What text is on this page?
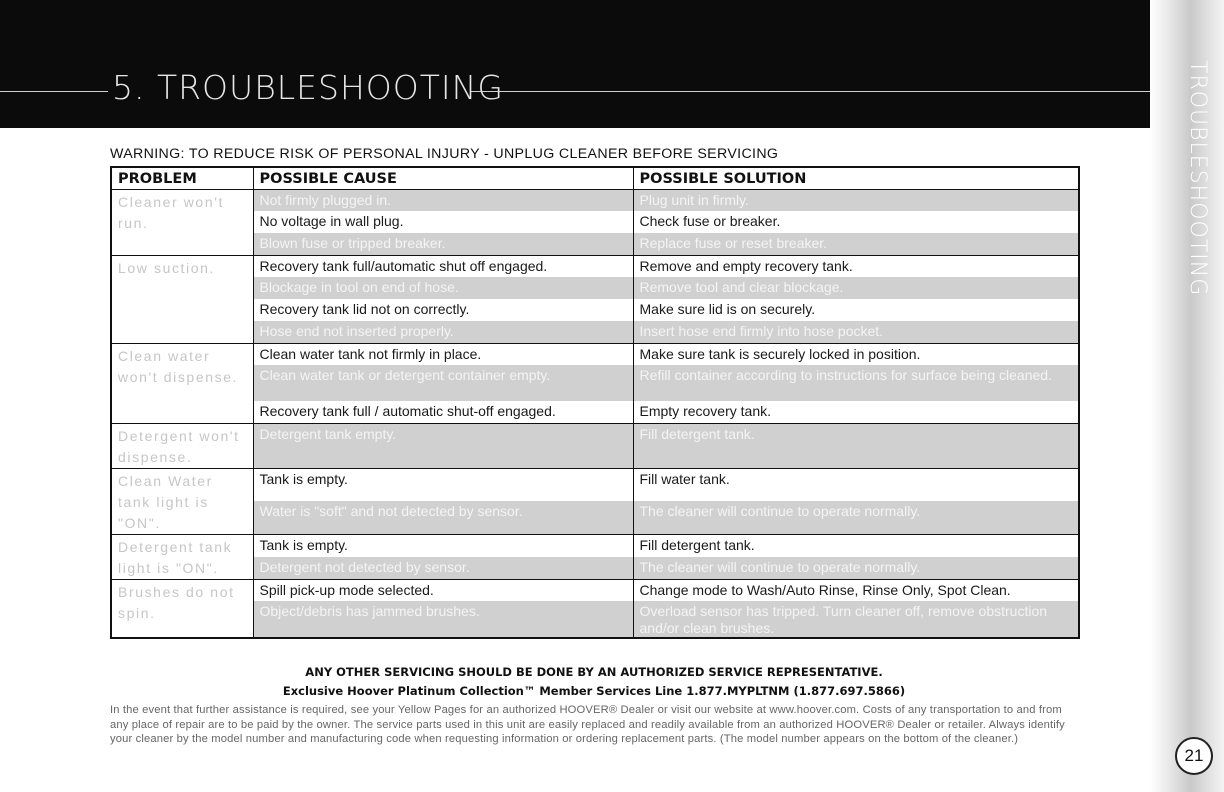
5. TROUBLESHOOTING	TROUBLESHOOTING
21
WARNING: TO REDUCE RISK OF PERSONAL INJURY - UNPLUG CLEANER BEFORE SERVICING
PROBLEM	POSSIBLE CAUSE	POSSIBLE SOLUTION
Cleaner won't run.	Not firmly plugged in.	Plug unit in firmly.
	No voltage in wall plug.	Check fuse or breaker.
	Blown fuse or tripped breaker.	Replace fuse or reset breaker.
Low suction.	Recovery tank full/automatic shut off engaged.	Remove and empty recovery tank.
	Blockage in tool on end of hose.	Remove tool and clear blockage.
	Recovery tank lid not on correctly.	Make sure lid is on securely.
	Hose end not inserted properly.	Insert hose end firmly into hose pocket.
Clean water won't dispense.	Clean water tank not firmly in place.	Make sure tank is securely locked in position.
	Clean water tank or detergent container empty.	Refill container according to instructions for surface being cleaned.
	Recovery tank full / automatic shut-off engaged.	Empty recovery tank.
Detergent won't dispense.	Detergent tank empty.	Fill detergent tank.
Clean Water tank light is "ON".	Tank is empty.	Fill water tank.
	Water is "soft" and not detected by sensor.	The cleaner will continue to operate normally.
Detergent tank light is "ON".	Tank is empty.	Fill detergent tank.
	Detergent not detected by sensor.	The cleaner will continue to operate normally.
Brushes do not spin.	Spill pick-up mode selected.	Change mode to Wash/Auto Rinse, Rinse Only, Spot Clean.
	Object/debris has jammed brushes.	Overload sensor has tripped. Turn cleaner off, remove obstruction and/or clean brushes.
ANY OTHER SERVICING SHOULD BE DONE BY AN AUTHORIZED SERVICE REPRESENTATIVE.
Exclusive Hoover Platinum Collection™ Member Services Line 1.877.MYPLTNM (1.877.697.5866)
In the event that further assistance is required, see your Yellow Pages for an authorized HOOVER® Dealer or visit our website at www.hoover.com. Costs of any transportation to and from any place of repair are to be paid by the owner. The service parts used in this unit are easily replaced and readily available from an authorized HOOVER® Dealer or retailer. Always identify your cleaner by the model number and manufacturing code when requesting information or ordering replacement parts. (The model number appears on the bottom of the cleaner.)
